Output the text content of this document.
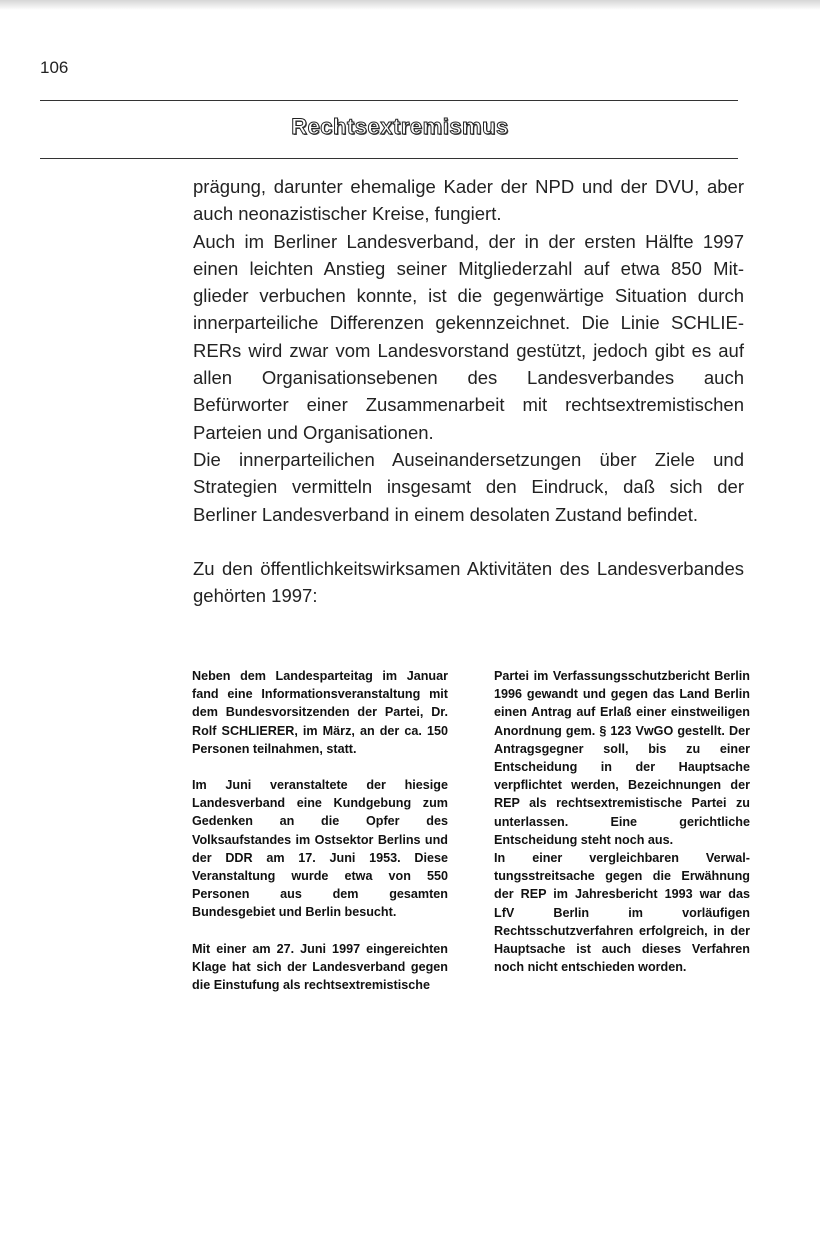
106
Rechtsextremismus

prägung, darunter ehemalige Kader der NPD und der DVU, aber auch neonazistischer Kreise, fungiert.

Auch im Berliner Landesverband, der in der ersten Hälfte 1997 einen leichten Anstieg seiner Mitgliederzahl auf etwa 850 Mitglieder verbuchen konnte, ist die gegenwärtige Situation durch innerparteiliche Differenzen gekennzeichnet. Die Linie SCHLIERERs wird zwar vom Landesvorstand gestützt, jedoch gibt es auf allen Organisationsebenen des Landesverbandes auch Befürworter einer Zusammenarbeit mit rechtsextremistischen Parteien und Organisationen.

Die innerparteilichen Auseinandersetzungen über Ziele und Strategien vermitteln insgesamt den Eindruck, daß sich der Berliner Landesverband in einem desolaten Zustand befindet.

Zu den öffentlichkeitswirksamen Aktivitäten des Landesverbandes gehörten 1997:

Neben dem Landesparteitag im Januar fand eine Informationsveranstaltung mit dem Bundesvorsitzenden der Partei, Dr. Rolf SCHLIERER, im März, an der ca. 150 Personen teilnahmen, statt.

Im Juni veranstaltete der hiesige Landesverband eine Kundgebung zum Gedenken an die Opfer des Volksaufstandes im Ostsektor Berlins und der DDR am 17. Juni 1953. Diese Veranstaltung wurde etwa von 550 Personen aus dem gesamten Bundesgebiet und Berlin besucht.

Mit einer am 27. Juni 1997 eingereichten Klage hat sich der Landesverband gegen die Einstufung als rechtsextremistische

Partei im Verfassungsschutzbericht Berlin 1996 gewandt und gegen das Land Berlin einen Antrag auf Erlaß einer einstweiligen Anordnung gem. § 123 VwGO gestellt. Der Antragsgegner soll, bis zu einer Entscheidung in der Hauptsache verpflichtet werden, Bezeichnungen der REP als rechtsextremistische Partei zu unterlassen. Eine gerichtliche Entscheidung steht noch aus.

In einer vergleichbaren Verwaltungsstreitsache gegen die Erwähnung der REP im Jahresbericht 1993 war das LfV Berlin im vorläufigen Rechtsschutzverfahren erfolgreich, in der Hauptsache ist auch dieses Verfahren noch nicht entschieden worden.
